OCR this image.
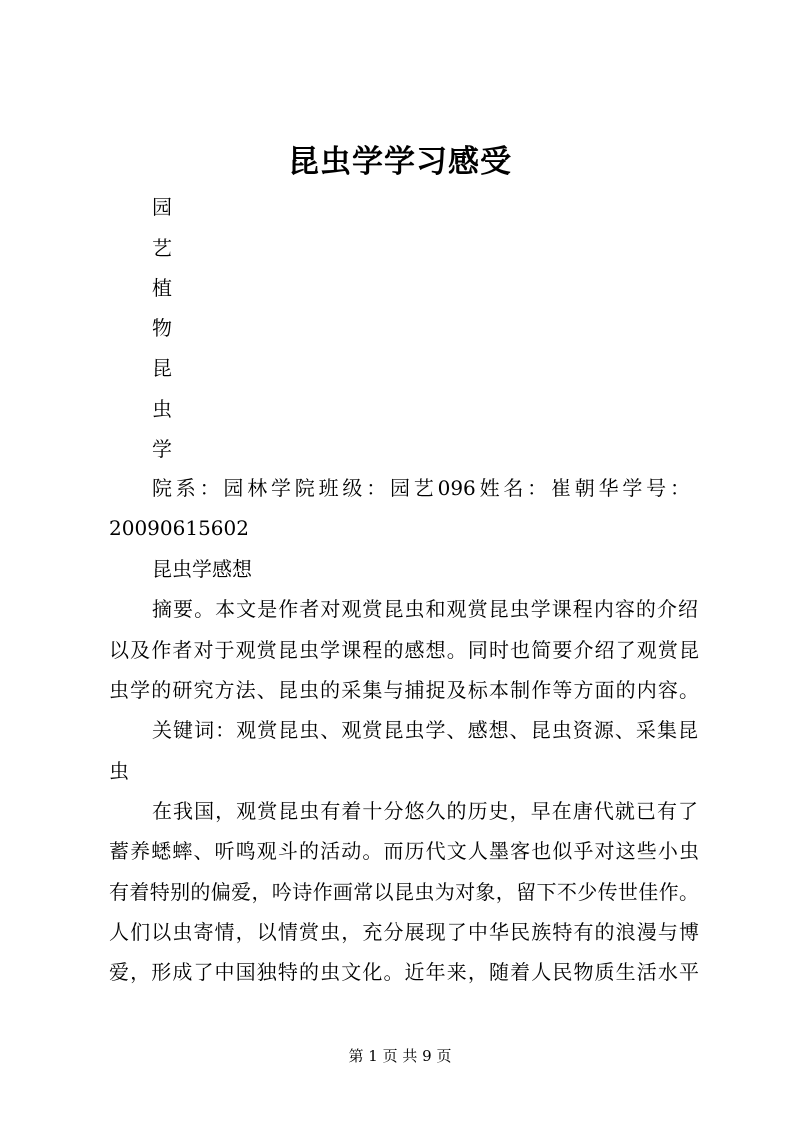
昆虫学学习感受
园
艺
植
物
昆
虫
学
院系：园林学院班级：园艺096姓名：崔朝华学号：
20090615602
昆虫学感想
摘要。本文是作者对观赏昆虫和观赏昆虫学课程内容的介绍
以及作者对于观赏昆虫学课程的感想。同时也简要介绍了观赏昆
虫学的研究方法、昆虫的采集与捕捉及标本制作等方面的内容。
关键词：观赏昆虫、观赏昆虫学、感想、昆虫资源、采集昆
虫
在我国，观赏昆虫有着十分悠久的历史，早在唐代就已有了
蓄养蟋蟀、听鸣观斗的活动。而历代文人墨客也似乎对这些小虫
有着特别的偏爱，吟诗作画常以昆虫为对象，留下不少传世佳作。
人们以虫寄情，以情赏虫，充分展现了中华民族特有的浪漫与博
爱，形成了中国独特的虫文化。近年来，随着人民物质生活水平
第 1 页 共 9 页
